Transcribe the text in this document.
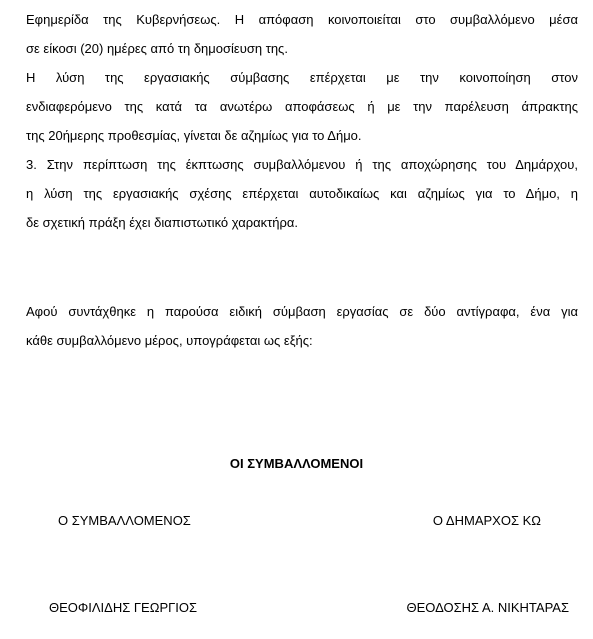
Εφημερίδα της Κυβερνήσεως. Η απόφαση κοινοποιείται στο συμβαλλόμενο μέσα
σε είκοσι (20) ημέρες από τη δημοσίευση της.
Η λύση της εργασιακής σύμβασης επέρχεται με την κοινοποίηση στον
ενδιαφερόμενο της κατά τα ανωτέρω αποφάσεως ή με την παρέλευση άπρακτης
της 20ήμερης προθεσμίας, γίνεται δε αζημίως για το Δήμο.
3. Στην περίπτωση της έκπτωσης συμβαλλόμενου ή της αποχώρησης του Δημάρχου,
η λύση της εργασιακής σχέσης επέρχεται αυτοδικαίως και αζημίως για το Δήμο, η
δε σχετική πράξη έχει διαπιστωτικό χαρακτήρα.
Αφού συντάχθηκε η παρούσα ειδική σύμβαση εργασίας σε δύο αντίγραφα, ένα για
κάθε συμβαλλόμενο μέρος, υπογράφεται ως εξής:
ΟΙ ΣΥΜΒΑΛΛΟΜΕΝΟΙ
Ο ΣΥΜΒΑΛΛΟΜΕΝΟΣ	Ο ΔΗΜΑΡΧΟΣ ΚΩ
ΘΕΟΦΙΛΙΔΗΣ ΓΕΩΡΓΙΟΣ	ΘΕΟΔΟΣΗΣ Α. ΝΙΚΗΤΑΡΑΣ
